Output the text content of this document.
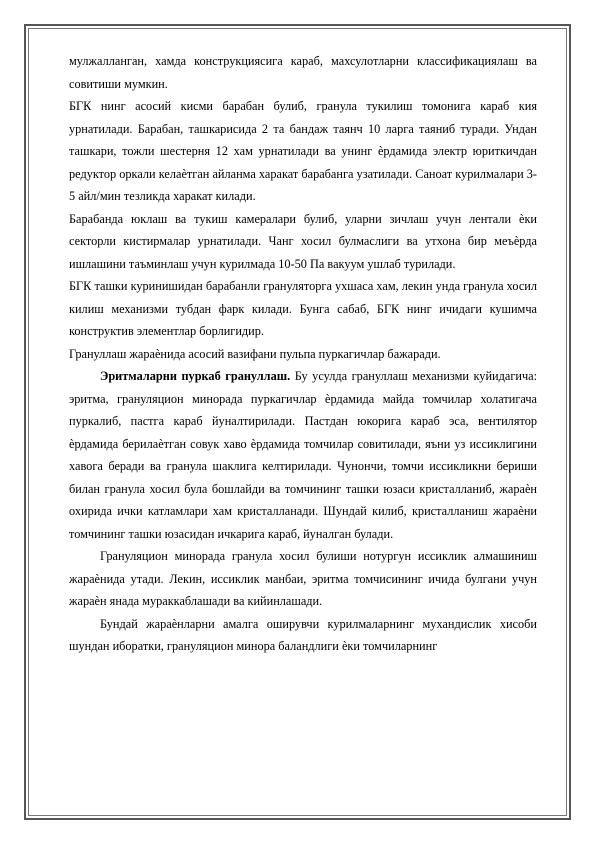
мулжалланган, хамда конструкциясига караб, махсулотларни классификациялаш ва совитиши мумкин.

БГК нинг асосий кисми барабан булиб, гранула тукилиш томонига караб кия урнатилади. Барабан, ташкарисида 2 та бандаж таянч 10 ларга таяниб туради. Ундан ташкари, тожли шестерня 12 хам урнатилади ва унинг ѐрдамида электр юриткичдан редуктор оркали келаѐтган айланма харакат барабанга узатилади. Саноат курилмалари 3-5 айл/мин тезликда харакат килади.

Барабанда юклаш ва тукиш камералари булиб, уларни зичлаш учун лентали ѐки секторли кистирмалар урнатилади. Чанг хосил булмаслиги ва утхона бир меъѐрда ишлашини таъминлаш учун курилмада 10-50 Па вакуум ушлаб турилади.

БГК ташки куринишидан барабанли грануляторга ухшаса хам, лекин унда гранула хосил килиш механизми тубдан фарк килади. Бунга сабаб, БГК нинг ичидаги кушимча конструктив элементлар борлигидир.

Грануллаш жараѐнида асосий вазифани пульпа пуркагичлар бажаради.

Эритмаларни пуркаб грануллаш. Бу усулда грануллаш механизми куйидагича: эритма, грануляцион минорада пуркагичлар ѐрдамида майда томчилар холатигача пуркалиб, пастга караб йуналтирилади. Пастдан юкорига караб эса, вентилятор ѐрдамида берилаѐтган совук хаво ѐрдамида томчилар совитилади, яъни уз иссиклигини хавога беради ва гранула шаклига келтирилади. Чунончи, томчи иссикликни бериши билан гранула хосил була бошлайди ва томчининг ташки юзаси кристалланиб, жараѐн охирида ички катламлари хам кристалланади. Шундай килиб, кристалланиш жараѐни томчининг ташки юзасидан ичкарига караб, йуналган булади.

Грануляцион минорада гранула хосил булиши нотургун иссиклик алмашиниш жараѐнида утади. Лекин, иссиклик манбаи, эритма томчисининг ичида булгани учун жараѐн янада мураккаблашади ва кийинлашади.

Бундай жараѐнларни амалга оширувчи курилмаларнинг мухандислик хисоби шундан иборатки, грануляцион минора баландлиги ѐки томчиларнинг
